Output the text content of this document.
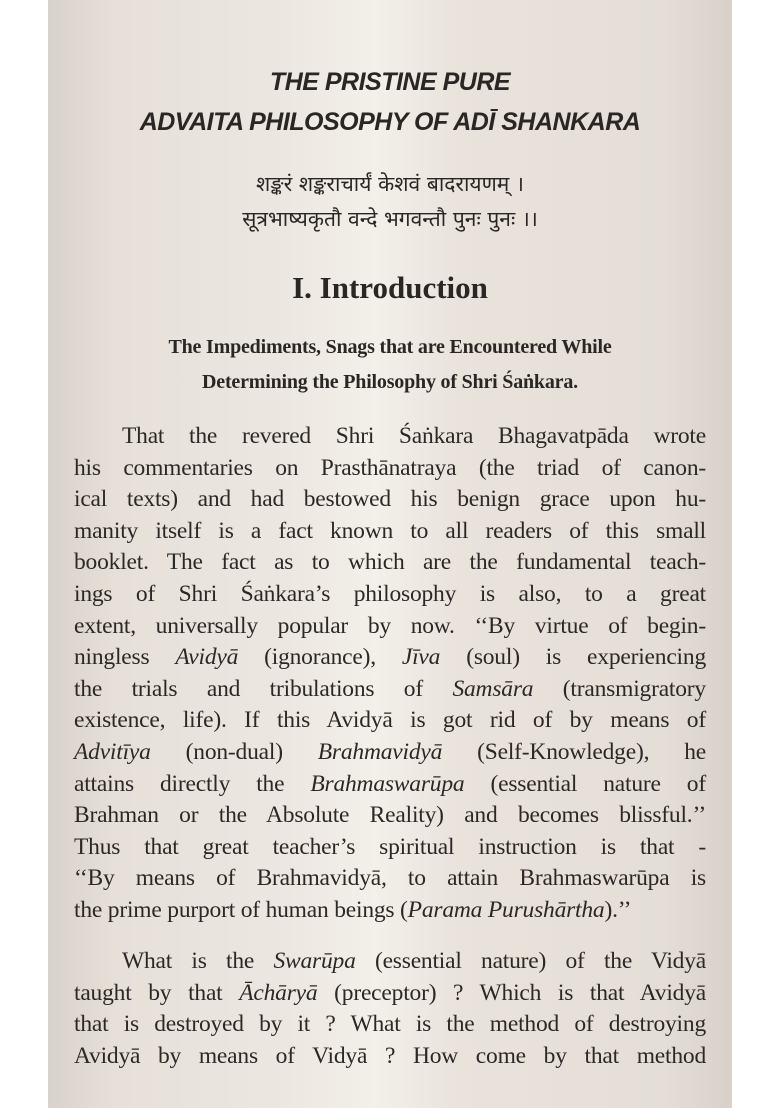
THE PRISTINE PURE
ADVAITA PHILOSOPHY OF ADĪ SHANKARA
शङ्करं शङ्कराचार्यं केशवं बादरायणम् ।
सूत्रभाष्यकृतौ वन्दे भगवन्तौ पुनः पुनः ।।
I. Introduction
The Impediments, Snags that are Encountered While
Determining the Philosophy of Shri Śaṅkara.
That the revered Shri Śaṅkara Bhagavatpāda wrote
his commentaries on Prasthānatraya (the triad of canon-
ical texts) and had bestowed his benign grace upon hu-
manity itself is a fact known to all readers of this small
booklet. The fact as to which are the fundamental teach-
ings of Shri Śaṅkara’s philosophy is also, to a great
extent, universally popular by now. ‘‘By virtue of begin-
ningless Avidyā (ignorance), Jīva (soul) is experiencing
the trials and tribulations of Samsāra (transmigratory
existence, life). If this Avidyā is got rid of by means of
Advitīya (non-dual) Brahmavidyā (Self-Knowledge), he
attains directly the Brahmaswarūpa (essential nature of
Brahman or the Absolute Reality) and becomes blissful.’’
Thus that great teacher’s spiritual instruction is that -
‘‘By means of Brahmavidyā, to attain Brahmaswarūpa is
the prime purport of human beings (Parama Purushārtha).’’
What is the Swarūpa (essential nature) of the Vidyā
taught by that Āchāryā (preceptor) ? Which is that Avidyā
that is destroyed by it ? What is the method of destroying
Avidyā by means of Vidyā ? How come by that method
